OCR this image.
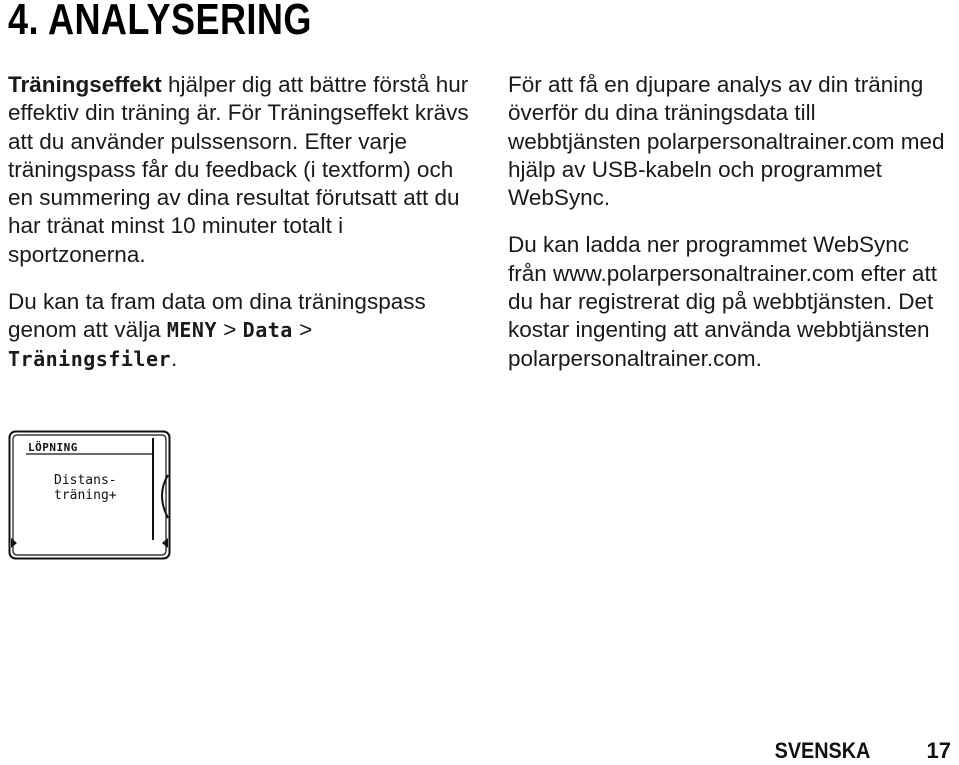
4. ANALYSERING

Träningseffekt hjälper dig att bättre förstå hur effektiv din träning är. För Träningseffekt krävs att du använder pulssensorn. Efter varje träningspass får du feedback (i textform) och en summering av dina resultat förutsatt att du har tränat minst 10 minuter totalt i sportzonerna.

Du kan ta fram data om dina träningspass genom att välja MENY > Data > Träningsfiler.

För att få en djupare analys av din träning överför du dina träningsdata till webbtjänsten polarpersonaltrainer.com med hjälp av USB-kabeln och programmet WebSync.

Du kan ladda ner programmet WebSync från www.polarpersonaltrainer.com efter att du har registrerat dig på webbtjänsten. Det kostar ingenting att använda webbtjänsten polarpersonaltrainer.com.

LÖPNING
Distans-
träning+
SVENSKA	17
